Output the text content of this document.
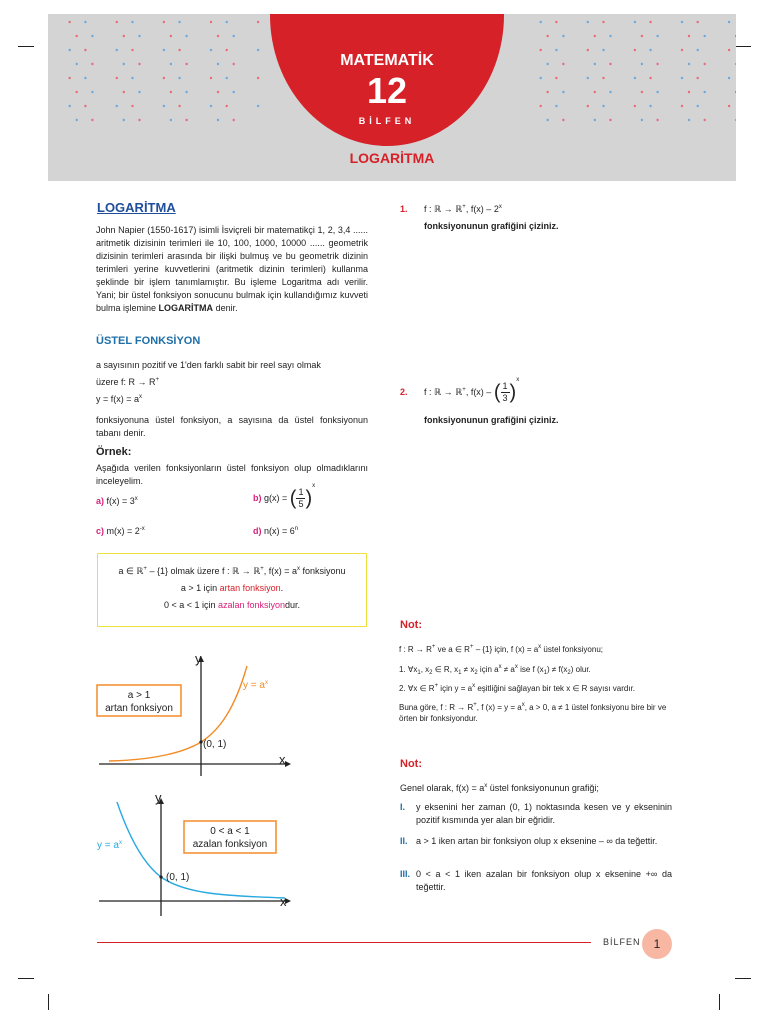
MATEMATİK
12
BİLFEN
LOGARİTMA
LOGARİTMA
John Napier (1550-1617) isimli İsviçreli bir matematikçi 1, 2, 3,4 ...... aritmetik dizisinin terimleri ile 10, 100, 1000, 10000 ...... geometrik dizisinin terimleri arasında bir ilişki bulmuş ve bu geometrik dizinin terimleri yerine kuvvetlerini (aritmetik dizinin terimleri) kullanma şeklinde bir işlem tanımlamıştır. Bu işleme Logaritma adı verilir. Yani; bir üstel fonksiyon sonucunu bulmak için kullandığımız kuvveti bulma işlemine LOGARİTMA denir.
ÜSTEL FONKSİYON
a sayısının pozitif ve 1'den farklı sabit bir reel sayı olmak
üzere f: R → R+
$y = f(x) = a^x$
fonksiyonuna üstel fonksiyon, a sayısına da üstel fonksiyonun tabanı denir.
Örnek:
Aşağıda verilen fonksiyonların üstel fonksiyon olup olmadıklarını inceleyelim.
a) $f(x) = 3^x$	b) g(x) = ( $\frac{1}{5} )^x$
c) $m(x) = 2^{-x}$	d) $n(x) = 6^n$
a ∈ ℝ+ – {1} olmak üzere f : ℝ → ℝ+, $f(x) = a^x$ fonksiyonu
a > 1 için artan fonksiyon.
0 < a < 1 için azalan fonksiyondur.
y
x
$y = a^x$
(0, 1)
a > 1
artan fonksiyon
y
x
$y = a^x$
(0, 1)
0 < a < 1
azalan fonksiyon
1. f : ℝ → ℝ+, f(x) – 2$^x$
fonksiyonunun grafiğini çiziniz.
2. f : ℝ → ℝ+, f(x) – ( $\frac{1}{3} )^x$
fonksiyonunun grafiğini çiziniz.
Not:
f : R → R+ ve a ∈ R+ – {1} için, f $(x) = a^x$ üstel fonksiyonu;
1. $\forall x_1$, $x_2$ ∈ R, $x_1 \ne x_2$ için $a^x \ne a^x$ ise f $(x_1) \ne f(x_2)$ olur.
2. ∀x ∈ R+ için $y = a^x$ eşitliğini sağlayan bir tek x ∈ R sayısı vardır.
Buna göre, f : R → R+, f $(x) = y = a^x$, a > 0, a ≠ 1 üstel fonksiyonu bire bir ve örten bir fonksiyondur.
Not:
Genel olarak, $f(x) = a^x$ üstel fonksiyonunun grafiği;
I. y eksenini her zaman (0, 1) noktasında kesen ve y ekseninin pozitif kısmında yer alan bir eğridir.
II. a > 1 iken artan bir fonksiyon olup x eksenine – ∞ da teğettir.
III. 0 < a < 1 iken azalan bir fonksiyon olup x eksenine +∞ da teğettir.
BİLFEN	1
